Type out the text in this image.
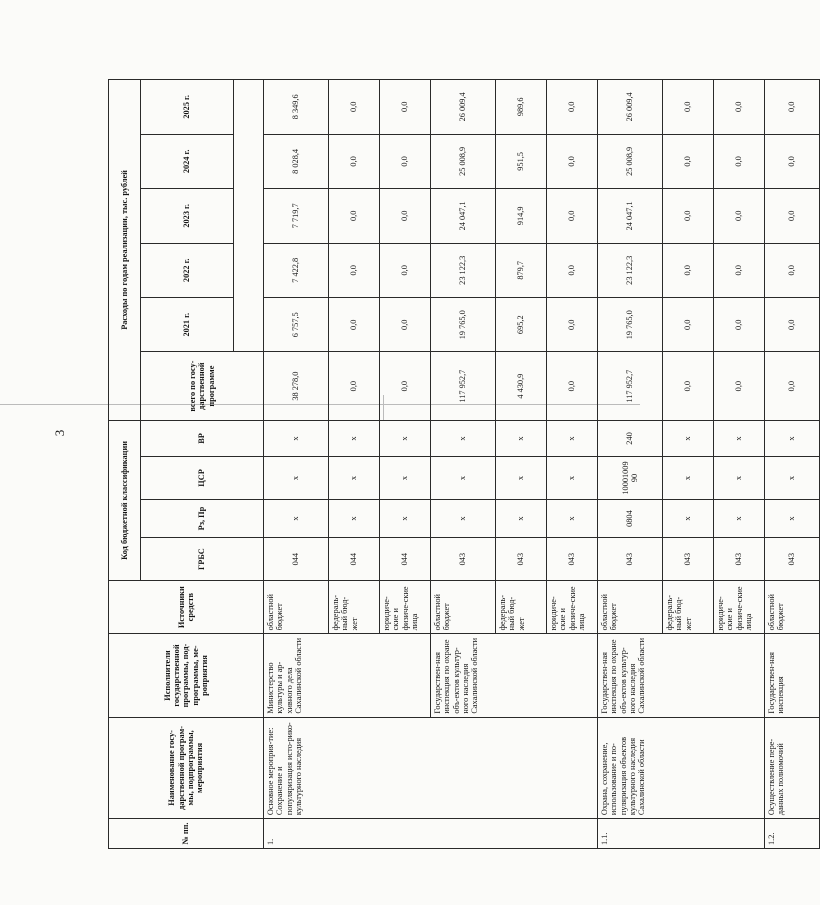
3
№ пп.	Наименование госу-дарственной програм-мы, подпрограммы, мероприятия	Исполнители государственной программы, под-программы, ме-роприятия	Источники средств	Код бюджетной классификации				Расходы по годам реализации, тыс. рублей					
				ГРБС	Рз, Пр	ЦСР	ВР	всего по госу-дарственной программе	2021 г.	2022 г.	2023 г.	2024 г.	2025 г.

1.	Основное мероприя-тие: Сохранение и популяризация исто-рико-культурного наследия	Министерство культуры и ар-хивного дела Сахалинской области	областной бюджет	044	x	x	x	38 278,0	6 757,5	7 422,8	7 719,7	8 028,4	8 349,6
			федераль-ный бюд-жет	044	x	x	x	0,0	0,0	0,0	0,0	0,0	0,0
			юридиче-ские и физиче-ские лица	044	x	x	x	0,0	0,0	0,0	0,0	0,0	0,0
		Государствен-ная инспекция по охране объ-ектов культур-ного наследия Сахалинской области	областной бюджет	043	x	x	x	117 952,7	19 765,0	23 122,3	24 047,1	25 008,9	26 009,4
			федераль-ный бюд-жет	043	x	x	x	4 430,9	695,2	879,7	914,9	951,5	989,6
			юридиче-ские и физиче-ские лица	043	x	x	x	0,0	0,0	0,0	0,0	0,0	0,0
1.1.	Охрана, сохранение, использование и по-пуляризация объектов культурного наследия Сахалинской области	Государствен-ная инспекция по охране объ-ектов культур-ного наследия Сахалинской области	областной бюджет	043	0804	10001009 90	240	117 952,7	19 765,0	23 122,3	24 047,1	25 008,9	26 009,4
			федераль-ный бюд-жет	043	x	x	x	0,0	0,0	0,0	0,0	0,0	0,0
			юридиче-ские и физиче-ские лица	043	x	x	x	0,0	0,0	0,0	0,0	0,0	0,0
1.2.	Осуществление пере-данных полномочий	Государствен-ная инспекция	областной бюджет	043	x	x	x	0,0	0,0	0,0	0,0	0,0	0,0
